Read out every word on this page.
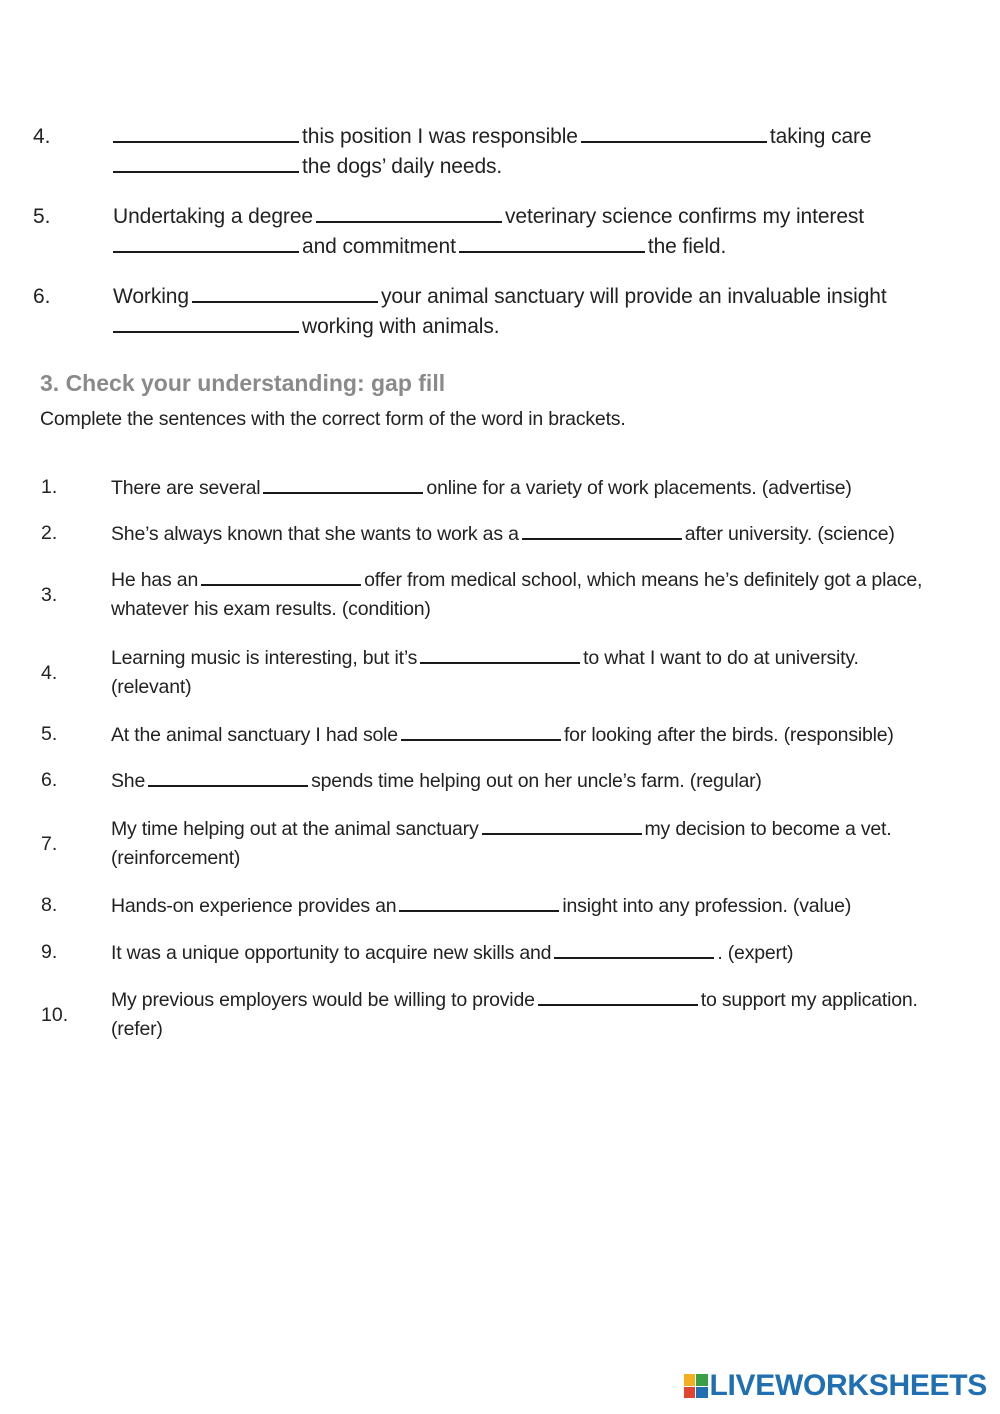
4.	this position I was responsible	taking care
the dogs’ daily needs.
5.	Undertaking a degree	veterinary science confirms my interest
and commitment	the field.
6.	Working	your animal sanctuary will provide an invaluable insight
working with animals.
3. Check your understanding: gap fill
Complete the sentences with the correct form of the word in brackets.
1.	There are several	online for a variety of work placements. (advertise)
2.	She’s always known that she wants to work as a	after university. (science)
3.
He has an	offer from medical school, which means he’s definitely got a place, whatever his exam results. (condition)
4.
Learning music is interesting, but it’s	to what I want to do at university. (relevant)
5.	At the animal sanctuary I had sole	for looking after the birds. (responsible)
6.	She	spends time helping out on her uncle’s farm. (regular)
7.
My time helping out at the animal sanctuary	my decision to become a vet. (reinforcement)
8.	Hands-on experience provides an	insight into any profession. (value)
9.	It was a unique opportunity to acquire new skills and	. (expert)
10.
My previous employers would be willing to provide	to support my application. (refer)
LIVEWORKSHEETS
